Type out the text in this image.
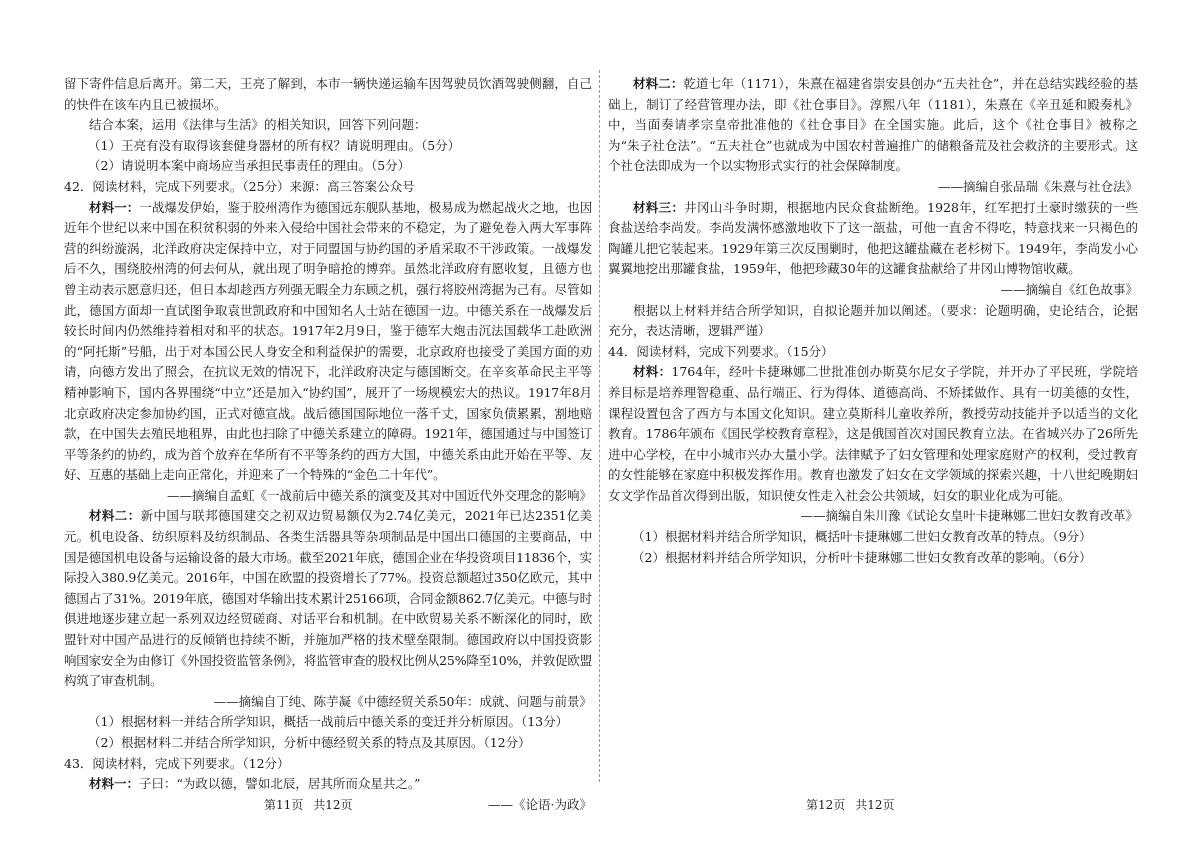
留下寄件信息后离开。第二天，王亮了解到，本市一辆快递运输车因驾驶员饮酒驾驶侧翻，自己的快件在该车内且已被损坏。

结合本案，运用《法律与生活》的相关知识，回答下列问题：

（1）王亮有没有取得该套健身器材的所有权？请说明理由。（5分）

（2）请说明本案中商场应当承担民事责任的理由。（5分）

42．阅读材料，完成下列要求。（25分）来源：高三答案公众号

材料一：一战爆发伊始，鉴于胶州湾作为德国远东舰队基地，极易成为燃起战火之地，也因近年个世纪以来中国在积贫积弱的外来入侵给中国社会带来的不稳定，为了避免卷入两大军事阵营的纠纷漩涡，北洋政府决定保持中立，对于同盟国与协约国的矛盾采取不干涉政策。一战爆发后不久，围绕胶州湾的何去何从，就出现了明争暗抢的博弈。虽然北洋政府有愿收复，且德方也曾主动表示愿意归还，但日本却趁西方列强无暇全力东顾之机，强行将胶州湾据为己有。尽管如此，德国方面却一直试图争取袁世凯政府和中国知名人士站在德国一边。中德关系在一战爆发后较长时间内仍然维持着相对和平的状态。1917年2月9日，鉴于德军大炮击沉法国载华工赴欧洲的“阿托斯”号船，出于对本国公民人身安全和利益保护的需要，北京政府也接受了美国方面的劝请，向德方发出了照会，在抗议无效的情况下，北洋政府决定与德国断交。在辛亥革命民主平等精神影响下，国内各界围绕“中立”还是加入“协约国”，展开了一场规模宏大的热议。1917年8月北京政府决定参加协约国，正式对德宣战。战后德国国际地位一落千丈，国家负债累累，割地赔款，在中国失去殖民地租界，由此也扫除了中德关系建立的障碍。1921年，德国通过与中国签订平等条约的协约，成为首个放弃在华所有不平等条约的西方大国，中德关系由此开始在平等、友好、互惠的基础上走向正常化，并迎来了一个特殊的“金色二十年代”。

——摘编自孟虹《一战前后中德关系的演变及其对中国近代外交理念的影响》

材料二：新中国与联邦德国建交之初双边贸易额仅为2.74亿美元，2021年已达2351亿美元。机电设备、纺织原料及纺织制品、各类生活器具等杂项制品是中国出口德国的主要商品，中国是德国机电设备与运输设备的最大市场。截至2021年底，德国企业在华投资项目11836个，实际投入380.9亿美元。2016年，中国在欧盟的投资增长了77%。投资总额超过350亿欧元，其中德国占了31%。2019年底，德国对华输出技术累计25166项，合同金额862.7亿美元。中德与时俱进地逐步建立起一系列双边经贸磋商、对话平台和机制。在中欧贸易关系不断深化的同时，欧盟针对中国产品进行的反倾销也持续不断，并施加严格的技术壁垒限制。德国政府以中国投资影响国家安全为由修订《外国投资监管条例》，将监管审查的股权比例从25%降至10%，并敦促欧盟构筑了审查机制。

——摘编自丁纯、陈芋凝《中德经贸关系50年：成就、问题与前景》

（1）根据材料一并结合所学知识，概括一战前后中德关系的变迁并分析原因。（13分）

（2）根据材料二并结合所学知识，分析中德经贸关系的特点及其原因。（12分）

43．阅读材料，完成下列要求。（12分）

材料一：子曰：“为政以德，譬如北辰，居其所而众星共之。”

——《论语·为政》

材料二：乾道七年（1171），朱熹在福建省崇安县创办“五夫社仓”，并在总结实践经验的基础上，制订了经营管理办法，即《社仓事目》。淳熙八年（1181），朱熹在《辛丑延和殿奏札》中，当面奏请孝宗皇帝批准他的《社仓事目》在全国实施。此后，这个《社仓事目》被称之为“朱子社仓法”。“五夫社仓”也就成为中国农村普遍推广的储粮备荒及社会救济的主要形式。这个社仓法即成为一个以实物形式实行的社会保障制度。

——摘编自张品瑞《朱熹与社仓法》

材料三：井冈山斗争时期，根据地内民众食盐断绝。1928年，红军把打土豪时缴获的一些食盐送给李尚发。李尚发满怀感激地收下了这一瓿盐，可他一直舍不得吃，特意找来一只褐色的陶罐儿把它装起来。1929年第三次反围剿时，他把这罐盐藏在老杉树下。1949年，李尚发小心翼翼地挖出那罐食盐，1959年，他把珍藏30年的这罐食盐献给了井冈山博物馆收藏。

——摘编自《红色故事》

根据以上材料并结合所学知识，自拟论题并加以阐述。（要求：论题明确，史论结合，论据充分，表达清晰，逻辑严谨）

44．阅读材料，完成下列要求。（15分）

材料：1764年，经叶卡捷琳娜二世批准创办斯莫尔尼女子学院，并开办了平民班，学院培养目标是培养理智稳重、品行端正、行为得体、道德高尚、不矫揉做作、具有一切美德的女性，课程设置包含了西方与本国文化知识。建立莫斯科儿童收养所，教授劳动技能并予以适当的文化教育。1786年颁布《国民学校教育章程》，这是俄国首次对国民教育立法。在省城兴办了26所先进中心学校，在中小城市兴办大量小学。法律赋予了妇女管理和处理家庭财产的权利，受过教育的女性能够在家庭中积极发挥作用。教育也激发了妇女在文学领域的探索兴趣，十八世纪晚期妇女文学作品首次得到出版，知识使女性走入社会公共领域，妇女的职业化成为可能。

——摘编自朱川豫《试论女皇叶卡捷琳娜二世妇女教育改革》

（1）根据材料并结合所学知识，概括叶卡捷琳娜二世妇女教育改革的特点。（9分）

（2）根据材料并结合所学知识，分析叶卡捷琳娜二世妇女教育改革的影响。（6分）

第11页 共12页	第12页 共12页
